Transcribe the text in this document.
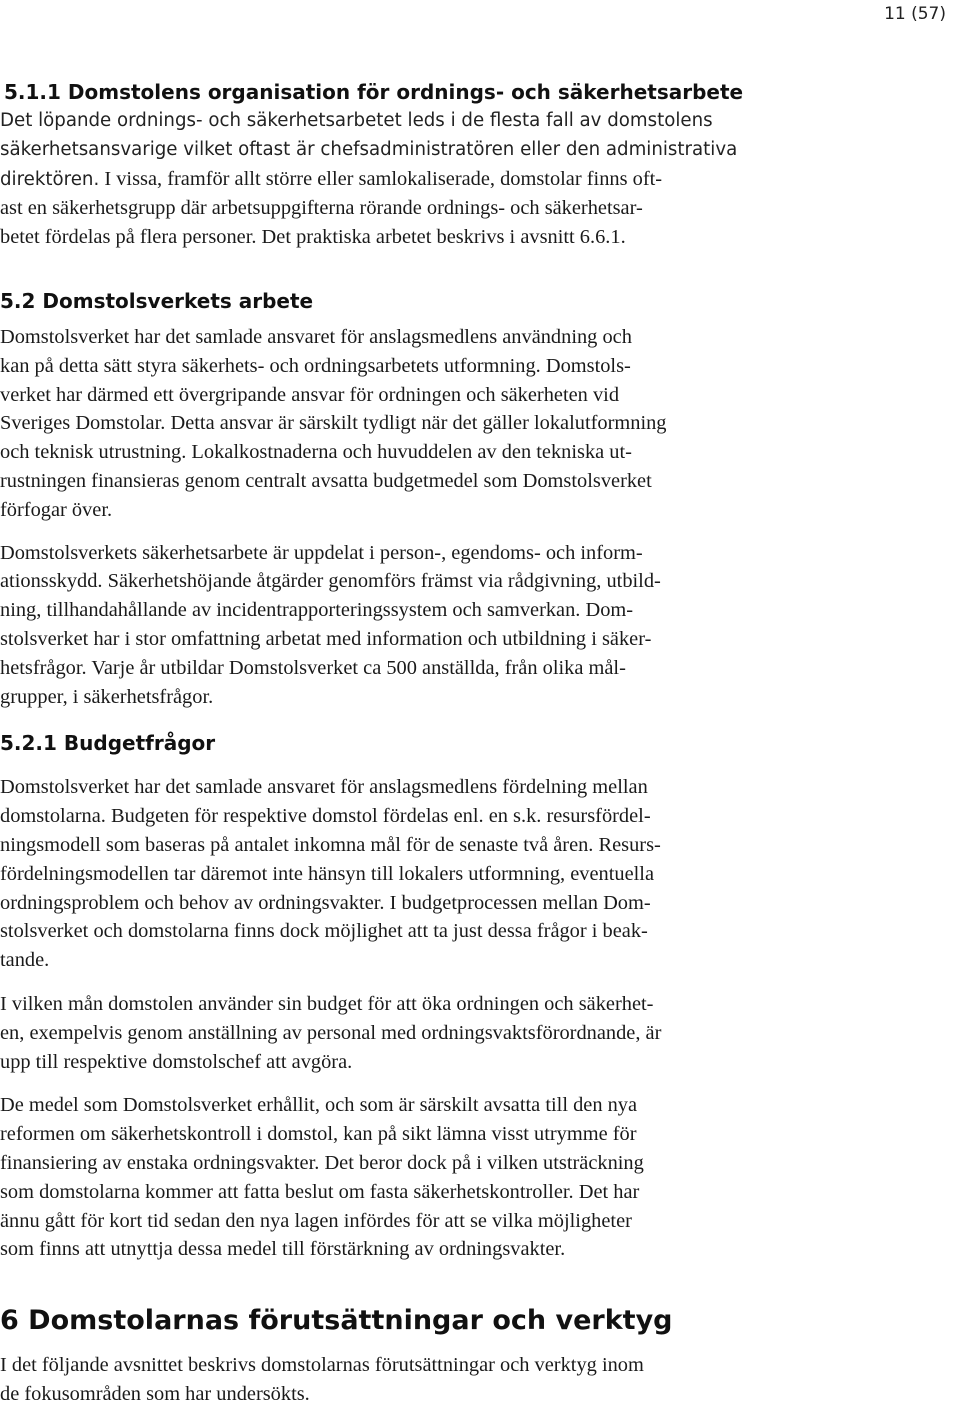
11 (57)
5.1.1 Domstolens organisation för ordnings- och säkerhetsarbete
Det löpande ordnings- och säkerhetsarbetet leds i de flesta fall av domstolens
säkerhetsansvarige vilket oftast är chefsadministratören eller den administrativa
direktören. I vissa, framför allt större eller samlokaliserade, domstolar finns oft-
ast en säkerhetsgrupp där arbetsuppgifterna rörande ordnings- och säkerhetsar-
betet fördelas på flera personer. Det praktiska arbetet beskrivs i avsnitt 6.6.1.
5.2 Domstolsverkets arbete
Domstolsverket har det samlade ansvaret för anslagsmedlens användning och
kan på detta sätt styra säkerhets- och ordningsarbetets utformning. Domstols-
verket har därmed ett övergripande ansvar för ordningen och säkerheten vid
Sveriges Domstolar. Detta ansvar är särskilt tydligt när det gäller lokalutformning
och teknisk utrustning. Lokalkostnaderna och huvuddelen av den tekniska ut-
rustningen finansieras genom centralt avsatta budgetmedel som Domstolsverket
förfogar över.
Domstolsverkets säkerhetsarbete är uppdelat i person-, egendoms- och inform-
ationsskydd. Säkerhetshöjande åtgärder genomförs främst via rådgivning, utbild-
ning, tillhandahållande av incidentrapporteringssystem och samverkan. Dom-
stolsverket har i stor omfattning arbetat med information och utbildning i säker-
hetsfrågor. Varje år utbildar Domstolsverket ca 500 anställda, från olika mål-
grupper, i säkerhetsfrågor.
5.2.1 Budgetfrågor
Domstolsverket har det samlade ansvaret för anslagsmedlens fördelning mellan
domstolarna. Budgeten för respektive domstol fördelas enl. en s.k. resursfördel-
ningsmodell som baseras på antalet inkomna mål för de senaste två åren. Resurs-
fördelningsmodellen tar däremot inte hänsyn till lokalers utformning, eventuella
ordningsproblem och behov av ordningsvakter. I budgetprocessen mellan Dom-
stolsverket och domstolarna finns dock möjlighet att ta just dessa frågor i beak-
tande.
I vilken mån domstolen använder sin budget för att öka ordningen och säkerhet-
en, exempelvis genom anställning av personal med ordningsvaktsförordnande, är
upp till respektive domstolschef att avgöra.
De medel som Domstolsverket erhållit, och som är särskilt avsatta till den nya
reformen om säkerhetskontroll i domstol, kan på sikt lämna visst utrymme för
finansiering av enstaka ordningsvakter. Det beror dock på i vilken utsträckning
som domstolarna kommer att fatta beslut om fasta säkerhetskontroller. Det har
ännu gått för kort tid sedan den nya lagen infördes för att se vilka möjligheter
som finns att utnyttja dessa medel till förstärkning av ordningsvakter.
6 Domstolarnas förutsättningar och verktyg
I det följande avsnittet beskrivs domstolarnas förutsättningar och verktyg inom
de fokusområden som har undersökts.
